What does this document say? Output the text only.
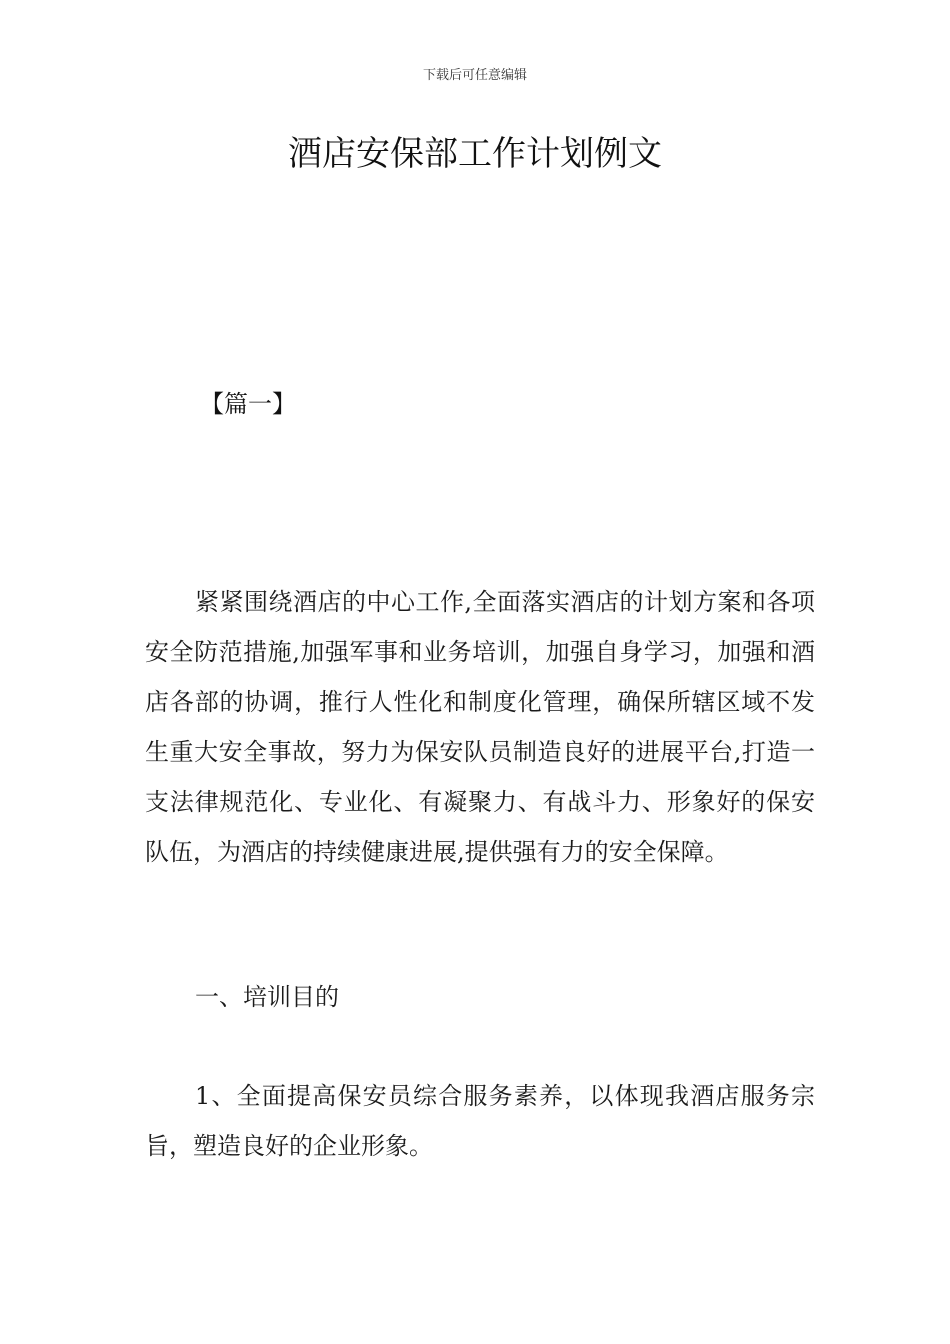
下载后可任意编辑
酒店安保部工作计划例文
【篇一】

紧紧围绕酒店的中心工作,全面落实酒店的计划方案和各项安全防范措施,加强军事和业务培训，加强自身学习，加强和酒店各部的协调，推行人性化和制度化管理，确保所辖区域不发生重大安全事故，努力为保安队员制造良好的进展平台,打造一支法律规范化、专业化、有凝聚力、有战斗力、形象好的保安队伍，为酒店的持续健康进展,提供强有力的安全保障。

一、培训目的

1、全面提高保安员综合服务素养，以体现我酒店服务宗旨，塑造良好的企业形象。
